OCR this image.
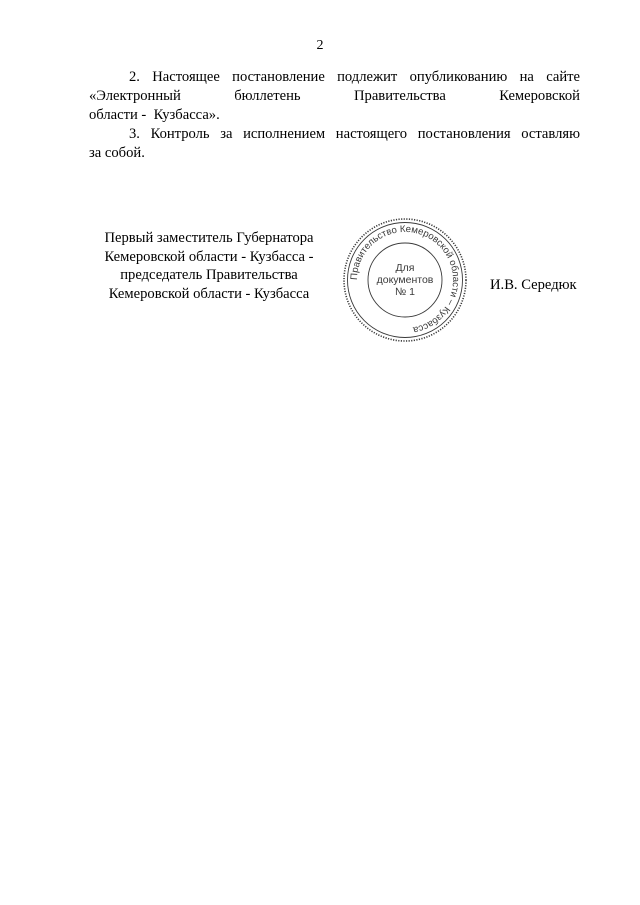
2

2. Настоящее постановление подлежит опубликованию на сайте
«Электронный	бюллетень	Правительства	Кемеровской
области -  Кузбасса».

3. Контроль за исполнением настоящего постановления оставляю
за собой.

Первый заместитель Губернатора
Кемеровской области - Кузбасса -
председатель Правительства
Кемеровской области - Кузбасса
Правительство Кемеровской области – Кузбасса
Для
документов
№ 1	И.В. Середюк
